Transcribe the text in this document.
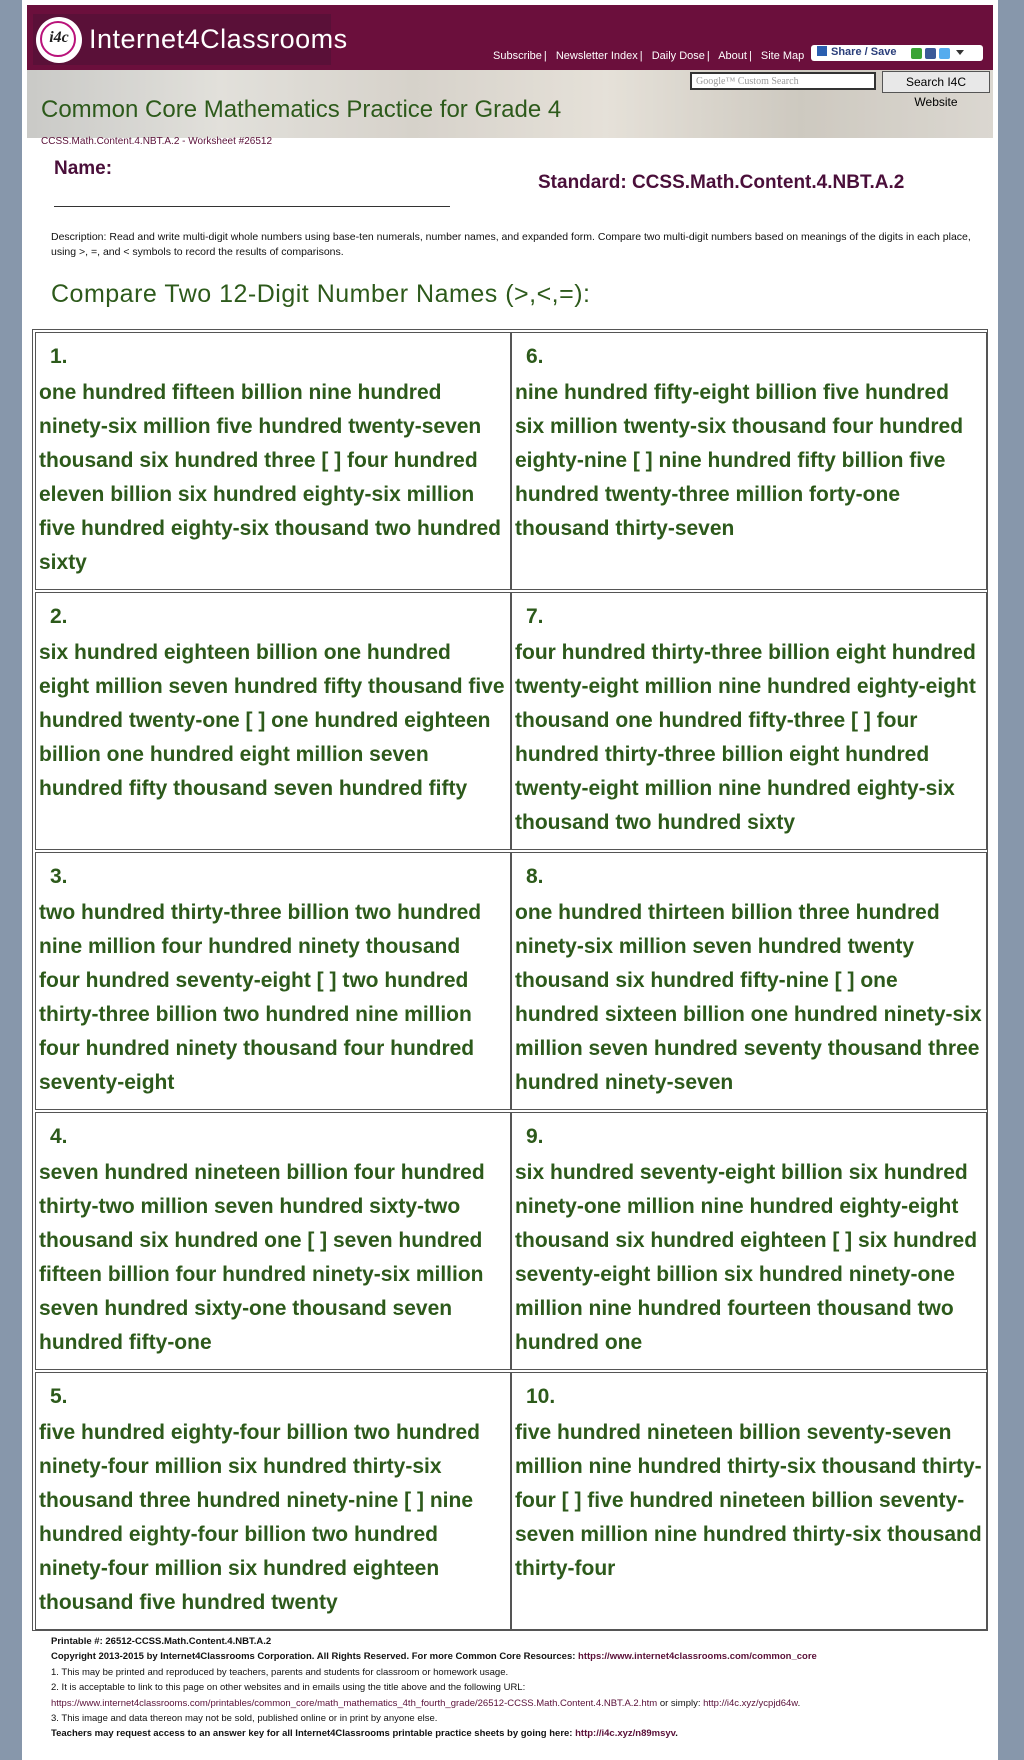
i4c Internet4Classrooms
Subscribe | Newsletter Index | Daily Dose | About | Site Map	Share / Save
Common Core Mathematics Practice for Grade 4
Google™ Custom Search	Search I4C Website
CCSS.Math.Content.4.NBT.A.2 - Worksheet #26512
Name:
Standard: CCSS.Math.Content.4.NBT.A.2
Description: Read and write multi-digit whole numbers using base-ten numerals, number names, and expanded form. Compare two multi-digit numbers based on meanings of the digits in each place, using >, =, and < symbols to record the results of comparisons.
Compare Two 12-Digit Number Names (>,<,=):
1.
one hundred fifteen billion nine hundred ninety-six million five hundred twenty-seven thousand six hundred three [ ] four hundred eleven billion six hundred eighty-six million five hundred eighty-six thousand two hundred sixty
2.
six hundred eighteen billion one hundred eight million seven hundred fifty thousand five hundred twenty-one [ ] one hundred eighteen billion one hundred eight million seven hundred fifty thousand seven hundred fifty
3.
two hundred thirty-three billion two hundred nine million four hundred ninety thousand four hundred seventy-eight [ ] two hundred thirty-three billion two hundred nine million four hundred ninety thousand four hundred seventy-eight
4.
seven hundred nineteen billion four hundred thirty-two million seven hundred sixty-two thousand six hundred one [ ] seven hundred fifteen billion four hundred ninety-six million seven hundred sixty-one thousand seven hundred fifty-one
5.
five hundred eighty-four billion two hundred ninety-four million six hundred thirty-six thousand three hundred ninety-nine [ ] nine hundred eighty-four billion two hundred ninety-four million six hundred eighteen thousand five hundred twenty
6.
nine hundred fifty-eight billion five hundred six million twenty-six thousand four hundred eighty-nine [ ] nine hundred fifty billion five hundred twenty-three million forty-one thousand thirty-seven
7.
four hundred thirty-three billion eight hundred twenty-eight million nine hundred eighty-eight thousand one hundred fifty-three [ ] four hundred thirty-three billion eight hundred twenty-eight million nine hundred eighty-six thousand two hundred sixty
8.
one hundred thirteen billion three hundred ninety-six million seven hundred twenty thousand six hundred fifty-nine [ ] one hundred sixteen billion one hundred ninety-six million seven hundred seventy thousand three hundred ninety-seven
9.
six hundred seventy-eight billion six hundred ninety-one million nine hundred eighty-eight thousand six hundred eighteen [ ] six hundred seventy-eight billion six hundred ninety-one million nine hundred fourteen thousand two hundred one
10.
five hundred nineteen billion seventy-seven million nine hundred thirty-six thousand thirty-four [ ] five hundred nineteen billion seventy-seven million nine hundred thirty-six thousand thirty-four
Printable #: 26512-CCSS.Math.Content.4.NBT.A.2
Copyright 2013-2015 by Internet4Classrooms Corporation. All Rights Reserved. For more Common Core Resources: https://www.internet4classrooms.com/common_core
1. This may be printed and reproduced by teachers, parents and students for classroom or homework usage.
2. It is acceptable to link to this page on other websites and in emails using the title above and the following URL:
https://www.internet4classrooms.com/printables/common_core/math_mathematics_4th_fourth_grade/26512-CCSS.Math.Content.4.NBT.A.2.htm or simply: http://i4c.xyz/ycpjd64w.
3. This image and data thereon may not be sold, published online or in print by anyone else.
Teachers may request access to an answer key for all Internet4Classrooms printable practice sheets by going here: http://i4c.xyz/n89msyv.
